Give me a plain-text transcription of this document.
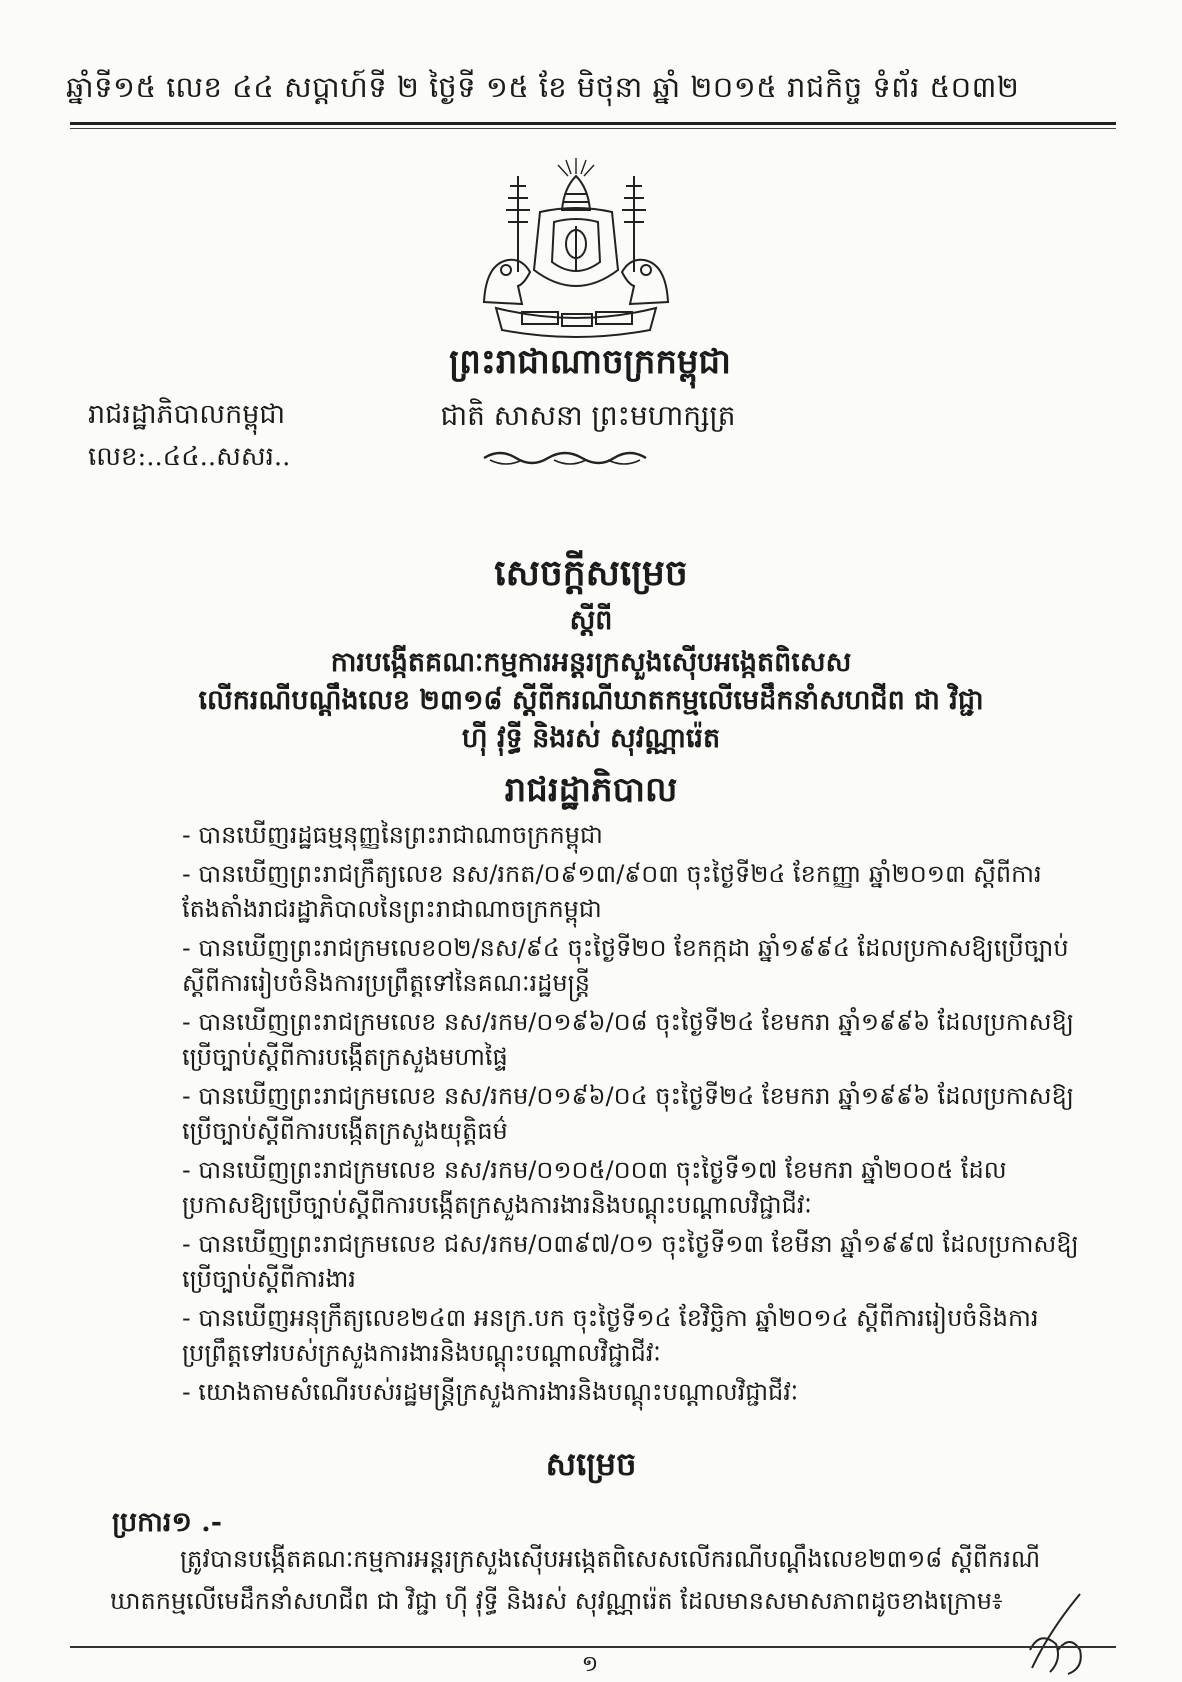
ឆ្នាំទី១៥ លេខ ៤៤ សប្តាហ៍ទី ២ ថ្ងៃទី ១៥ ខែ មិថុនា ឆ្នាំ ២០១៥ រាជកិច្ច ទំព័រ ៥០៣២
ព្រះរាជាណាចក្រកម្ពុជា
ជាតិ សាសនា ព្រះមហាក្សត្រ
រាជរដ្ឋាភិបាលកម្ពុជា
លេខ:..៤៤..សសរ..
សេចក្តីសម្រេច
ស្តីពី
ការបង្កើតគណៈកម្មការអន្តរក្រសួងស៊ើបអង្កេតពិសេស
លើករណីបណ្តឹងលេខ ២៣១៨ ស្តីពីករណីឃាតកម្មលើមេដឹកនាំសហជីព ជា វិជ្ជា
ហ៊ី វុទ្ធី និងរស់ សុវណ្ណារ៉េត
រាជរដ្ឋាភិបាល
- បានឃើញរដ្ឋធម្មនុញ្ញនៃព្រះរាជាណាចក្រកម្ពុជា
- បានឃើញព្រះរាជក្រឹត្យលេខ នស/រកត/០៩១៣/៩០៣ ចុះថ្ងៃទី២៤ ខែកញ្ញា ឆ្នាំ២០១៣ ស្តីពីការតែងតាំងរាជរដ្ឋាភិបាលនៃព្រះរាជាណាចក្រកម្ពុជា
- បានឃើញព្រះរាជក្រមលេខ០២/នស/៩៤ ចុះថ្ងៃទី២០ ខែកក្កដា ឆ្នាំ១៩៩៤ ដែលប្រកាសឱ្យប្រើច្បាប់ស្តីពីការរៀបចំនិងការប្រព្រឹត្តទៅនៃគណៈរដ្ឋមន្ត្រី
- បានឃើញព្រះរាជក្រមលេខ នស/រកម/០១៩៦/០៨ ចុះថ្ងៃទី២៤ ខែមករា ឆ្នាំ១៩៩៦ ដែលប្រកាសឱ្យប្រើច្បាប់ស្តីពីការបង្កើតក្រសួងមហាផ្ទៃ
- បានឃើញព្រះរាជក្រមលេខ នស/រកម/០១៩៦/០៤ ចុះថ្ងៃទី២៤ ខែមករា ឆ្នាំ១៩៩៦ ដែលប្រកាសឱ្យប្រើច្បាប់ស្តីពីការបង្កើតក្រសួងយុត្តិធម៌
- បានឃើញព្រះរាជក្រមលេខ នស/រកម/០១០៥/០០៣ ចុះថ្ងៃទី១៧ ខែមករា ឆ្នាំ២០០៥ ដែលប្រកាសឱ្យប្រើច្បាប់ស្តីពីការបង្កើតក្រសួងការងារនិងបណ្តុះបណ្តាលវិជ្ជាជីវៈ
- បានឃើញព្រះរាជក្រមលេខ ជស/រកម/០៣៩៧/០១ ចុះថ្ងៃទី១៣ ខែមីនា ឆ្នាំ១៩៩៧ ដែលប្រកាសឱ្យប្រើច្បាប់ស្តីពីការងារ
- បានឃើញអនុក្រឹត្យលេខ២៤៣ អនក្រ.បក ចុះថ្ងៃទី១៤ ខែវិច្ឆិកា ឆ្នាំ២០១៤ ស្តីពីការរៀបចំនិងការប្រព្រឹត្តទៅរបស់ក្រសួងការងារនិងបណ្តុះបណ្តាលវិជ្ជាជីវៈ
- យោងតាមសំណើរបស់រដ្ឋមន្ត្រីក្រសួងការងារនិងបណ្តុះបណ្តាលវិជ្ជាជីវៈ
សម្រេច
ប្រការ១ .-
ត្រូវបានបង្កើតគណៈកម្មការអន្តរក្រសួងស៊ើបអង្កេតពិសេសលើករណីបណ្តឹងលេខ២៣១៨ ស្តីពីករណីឃាតកម្មលើមេដឹកនាំសហជីព ជា វិជ្ជា ហ៊ី វុទ្ធី និងរស់ សុវណ្ណារ៉េត ដែលមានសមាសភាពដូចខាងក្រោម៖
១
